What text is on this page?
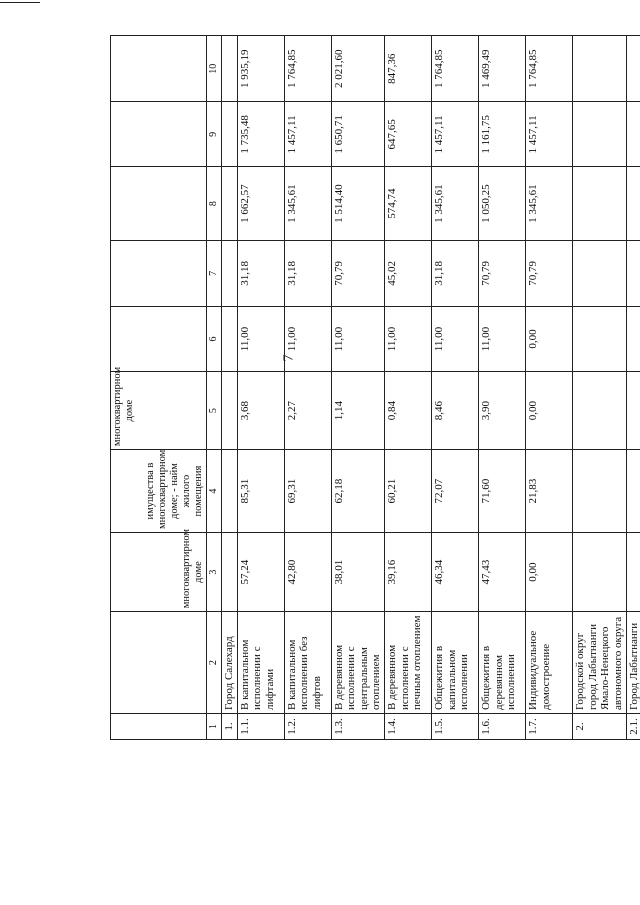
7
		многоквартирном доме	имущества в многоквартирном доме; - найм жилого помещения	многоквартирном доме					
1	2	3	4	5	6	7	8	9	10
1.	Город Салехард								
1.1.	В капитальном исполнении с лифтами	57,24	85,31	3,68	11,00	31,18	1 662,57	1 735,48	1 935,19
1.2.	В капитальном исполнении без лифтов	42,80	69,31	2,27	11,00	31,18	1 345,61	1 457,11	1 764,85
1.3.	В деревянном исполнении с центральным отоплением	38,01	62,18	1,14	11,00	70,79	1 514,40	1 650,71	2 021,60
1.4.	В деревянном исполнении с печным отоплением	39,16	60,21	0,84	11,00	45,02	574,74	647,65	847,36
1.5.	Общежития в капитальном исполнении	46,34	72,07	8,46	11,00	31,18	1 345,61	1 457,11	1 764,85
1.6.	Общежития в деревянном исполнении	47,43	71,60	3,90	11,00	70,79	1 050,25	1 161,75	1 469,49
1.7.	Индивидуальное домостроение	0,00	21,83	0,00	0,00	70,79	1 345,61	1 457,11	1 764,85
2.	Городской округ город Лабытнанги Ямало-Ненецкого автономного округа								
2.1.	Город Лабытнанги								
